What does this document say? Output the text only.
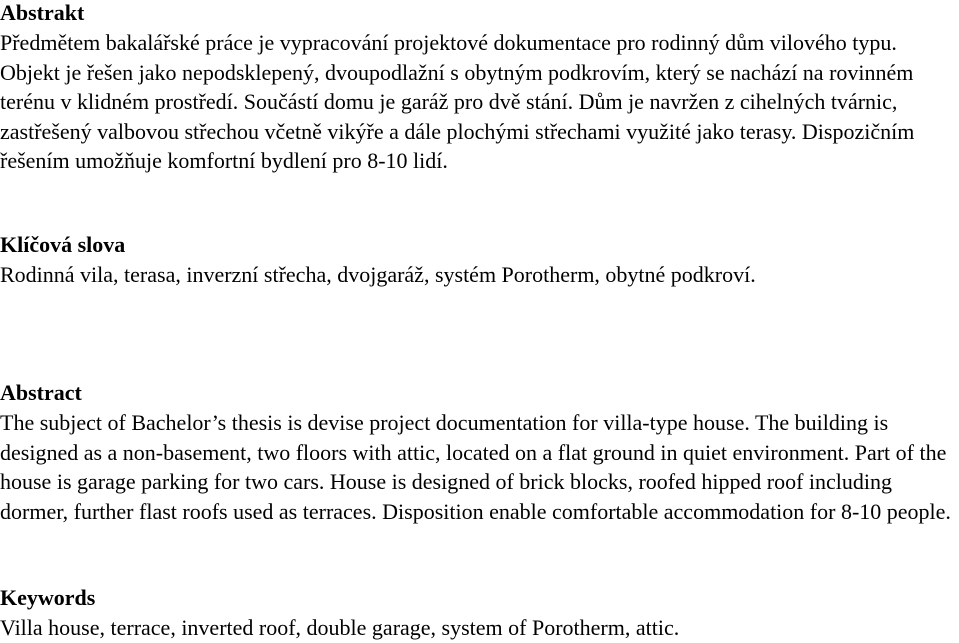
Abstrakt

Předmětem bakalářské práce je vypracování projektové dokumentace pro rodinný dům vilového typu. Objekt je řešen jako nepodsklepený, dvoupodlažní s obytným podkrovím, který se nachází na rovinném terénu v klidném prostředí. Součástí domu je garáž pro dvě stání. Dům je navržen z cihelných tvárnic, zastřešený valbovou střechou včetně vikýře a dále plochými střechami využité jako terasy. Dispozičním řešením umožňuje komfortní bydlení pro 8-10 lidí.

Klíčová slova

Rodinná vila, terasa, inverzní střecha, dvojgaráž, systém Porotherm, obytné podkroví.

Abstract

The subject of Bachelor’s thesis is devise project documentation for villa-type house. The building is designed as a non-basement, two floors with attic, located on a flat ground in quiet environment. Part of the house is garage parking for two cars. House is designed of brick blocks, roofed hipped roof including dormer, further flast roofs used as terraces. Disposition enable comfortable accommodation for 8-10 people.

Keywords

Villa house, terrace, inverted roof, double garage, system of Porotherm, attic.
